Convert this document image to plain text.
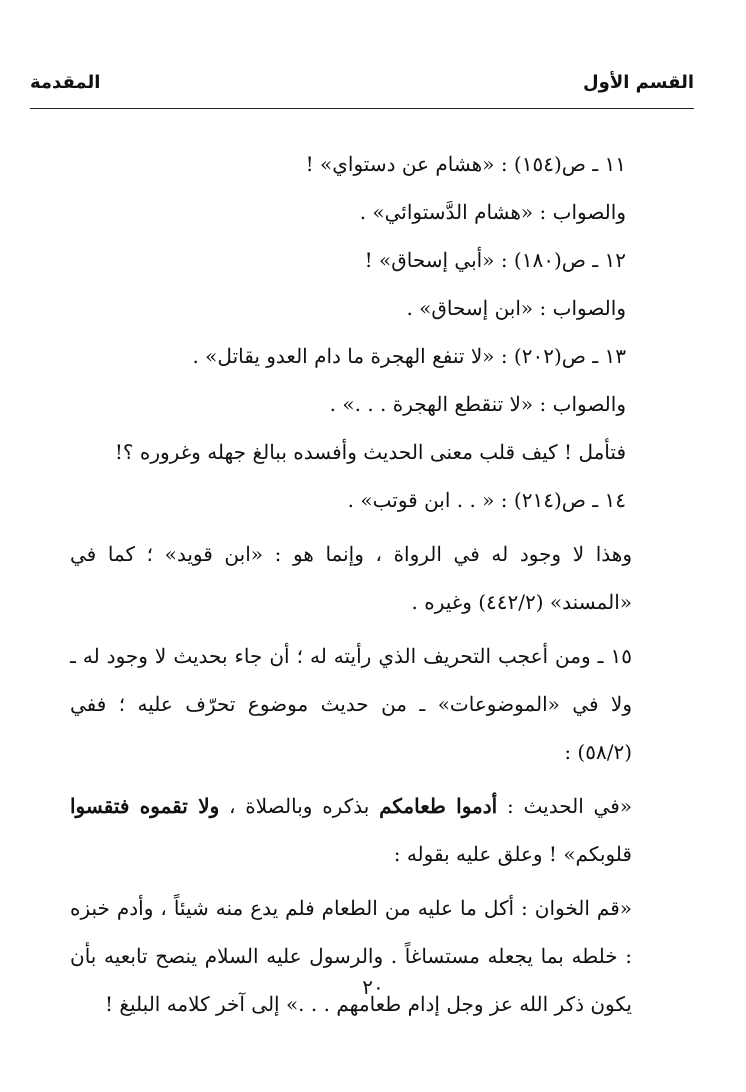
القسم الأول
المقدمة

١١ ـ ص(١٥٤) : «هشام عن دستواي» !

والصواب : «هشام الدَّستوائي» .

١٢ ـ ص(١٨٠) : «أبي إسحاق» !

والصواب : «ابن إسحاق» .

١٣ ـ ص(٢٠٢) : «لا تنفع الهجرة ما دام العدو يقاتل» .

والصواب : «لا تنقطع الهجرة . . .» .

فتأمل ! كيف قلب معنى الحديث وأفسده ببالغ جهله وغروره ؟!

١٤ ـ ص(٢١٤) : « . . ابن قوتب» .

وهذا لا وجود له في الرواة ، وإنما هو : «ابن قويد» ؛ كما في «المسند» (٤٤٢/٢) وغيره .

١٥ ـ ومن أعجب التحريف الذي رأيته له ؛ أن جاء بحديث لا وجود له ـ ولا في «الموضوعات» ـ من حديث موضوع تحرّف عليه ؛ ففي (٥٨/٢) :

«في الحديث : أدموا طعامكم بذكره وبالصلاة ، ولا تقموه فتقسوا قلوبكم» ! وعلق عليه بقوله :

«قم الخوان : أكل ما عليه من الطعام فلم يدع منه شيئاً ، وأدم خبزه : خلطه بما يجعله مستساغاً . والرسول عليه السلام ينصح تابعيه بأن يكون ذكر الله عز وجل إدام طعامهم . . .» إلى آخر كلامه البليغ !

٢٠
